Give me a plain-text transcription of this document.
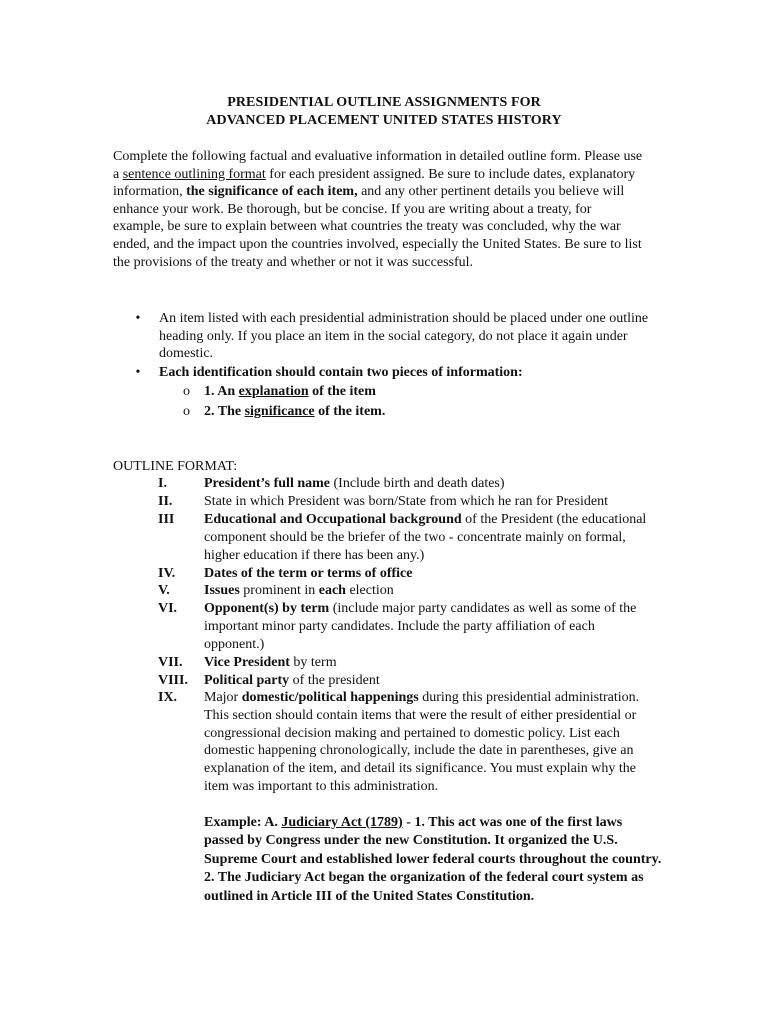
PRESIDENTIAL OUTLINE ASSIGNMENTS FOR
ADVANCED PLACEMENT UNITED STATES HISTORY
Complete the following factual and evaluative information in detailed outline form. Please use a sentence outlining format for each president assigned. Be sure to include dates, explanatory information, the significance of each item, and any other pertinent details you believe will enhance your work. Be thorough, but be concise. If you are writing about a treaty, for example, be sure to explain between what countries the treaty was concluded, why the war ended, and the impact upon the countries involved, especially the United States. Be sure to list the provisions of the treaty and whether or not it was successful.
•	An item listed with each presidential administration should be placed under one outline heading only. If you place an item in the social category, do not place it again under domestic.
•	Each identification should contain two pieces of information:
o 1. An explanation of the item
o 2. The significance of the item.
OUTLINE FORMAT:
I.	President’s full name (Include birth and death dates)
II. State in which President was born/State from which he ran for President
III Educational and Occupational background of the President (the educational component should be the briefer of the two - concentrate mainly on formal, higher education if there has been any.)
IV. Dates of the term or terms of office
V. Issues prominent in each election
VI. Opponent(s) by term (include major party candidates as well as some of the important minor party candidates. Include the party affiliation of each opponent.)
VII. Vice President by term
VIII. Political party of the president
IX. Major domestic/political happenings during this presidential administration. This section should contain items that were the result of either presidential or congressional decision making and pertained to domestic policy. List each domestic happening chronologically, include the date in parentheses, give an explanation of the item, and detail its significance. You must explain why the item was important to this administration.
Example: A. Judiciary Act (1789) - 1. This act was one of the first laws passed by Congress under the new Constitution. It organized the U.S. Supreme Court and established lower federal courts throughout the country. 2. The Judiciary Act began the organization of the federal court system as outlined in Article III of the United States Constitution.
